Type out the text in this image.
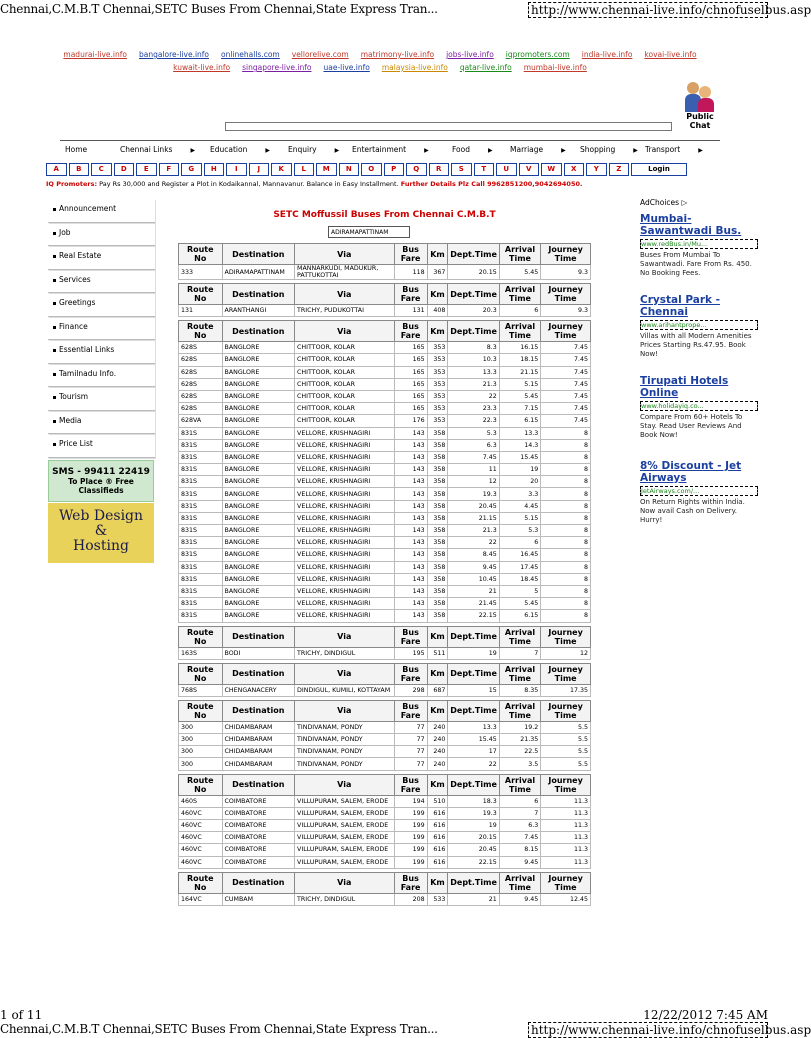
Chennai,C.M.B.T Chennai,SETC Buses From Chennai,State Express Tran...	http://www.chennai-live.info/chnofuselbus.asp
madurai-live.info bangalore-live.info onlinehalls.com vellorelive.com matrimony-live.info jobs-live.info iqpromoters.com india-live.info kovai-live.info
kuwait-live.info singapore-live.info uae-live.info malaysia-live.info qatar-live.info mumbai-live.info
Public
Chat
Home	Chennai Links	▶ Education	▶ Enquiry	▶ Entertainment	▶	Food	▶ Marriage	▶ Shopping	▶ Transport	▶
A	B	C	D	E	F	G	H	I	J	K	L	M	N	O	P	Q	R	S	T	U	V	W	X	Y	Z	Login
IQ Promoters: Pay Rs 30,000 and Register a Plot in Kodaikannal, Mannavanur. Balance in Easy Installment. Further Details Plz Call 9962851200,9042694050.
Announcement
Job
Real Estate
Services
Greetings
Finance
Essential Links
Tamilnadu Info.
Tourism
Media
Price List
SMS - 99411 22419
To Place ® Free
Classifieds
Web Design
&
Hosting
SETC Moffussil Buses From Chennai C.M.B.T
ADIRAMAPATTINAM
Route No	Destination	Via	Bus Fare	Km	Dept.Time	Arrival Time	Journey Time
333	ADIRAMAPATTINAM	MANNARKUDI, MADUKUR, PATTUKOTTAI	118	367	20.15	5.45	9.3
Route No	Destination	Via	Bus Fare	Km	Dept.Time	Arrival Time	Journey Time
131	ARANTHANGI	TRICHY, PUDUKOTTAI	131	408	20.3	6	9.3
Route No	Destination	Via	Bus Fare	Km	Dept.Time	Arrival Time	Journey Time
628S	BANGLORE	CHITTOOR, KOLAR	165	353	8.3	16.15	7.45
628S	BANGLORE	CHITTOOR, KOLAR	165	353	10.3	18.15	7.45
628S	BANGLORE	CHITTOOR, KOLAR	165	353	13.3	21.15	7.45
628S	BANGLORE	CHITTOOR, KOLAR	165	353	21.3	5.15	7.45
628S	BANGLORE	CHITTOOR, KOLAR	165	353	22	5.45	7.45
628S	BANGLORE	CHITTOOR, KOLAR	165	353	23.3	7.15	7.45
628VA	BANGLORE	CHITTOOR, KOLAR	176	353	22.3	6.15	7.45
831S	BANGLORE	VELLORE, KRISHNAGIRI	143	358	5.3	13.3	8
831S	BANGLORE	VELLORE, KRISHNAGIRI	143	358	6.3	14.3	8
831S	BANGLORE	VELLORE, KRISHNAGIRI	143	358	7.45	15.45	8
831S	BANGLORE	VELLORE, KRISHNAGIRI	143	358	11	19	8
831S	BANGLORE	VELLORE, KRISHNAGIRI	143	358	12	20	8
831S	BANGLORE	VELLORE, KRISHNAGIRI	143	358	19.3	3.3	8
831S	BANGLORE	VELLORE, KRISHNAGIRI	143	358	20.45	4.45	8
831S	BANGLORE	VELLORE, KRISHNAGIRI	143	358	21.15	5.15	8
831S	BANGLORE	VELLORE, KRISHNAGIRI	143	358	21.3	5.3	8
831S	BANGLORE	VELLORE, KRISHNAGIRI	143	358	22	6	8
831S	BANGLORE	VELLORE, KRISHNAGIRI	143	358	8.45	16.45	8
831S	BANGLORE	VELLORE, KRISHNAGIRI	143	358	9.45	17.45	8
831S	BANGLORE	VELLORE, KRISHNAGIRI	143	358	10.45	18.45	8
831S	BANGLORE	VELLORE, KRISHNAGIRI	143	358	21	5	8
831S	BANGLORE	VELLORE, KRISHNAGIRI	143	358	21.45	5.45	8
831S	BANGLORE	VELLORE, KRISHNAGIRI	143	358	22.15	6.15	8
Route No	Destination	Via	Bus Fare	Km	Dept.Time	Arrival Time	Journey Time
163S	BODI	TRICHY, DINDIGUL	195	511	19	7	12
Route No	Destination	Via	Bus Fare	Km	Dept.Time	Arrival Time	Journey Time
768S	CHENGANACERY	DINDIGUL, KUMILI, KOTTAYAM	298	687	15	8.35	17.35
Route No	Destination	Via	Bus Fare	Km	Dept.Time	Arrival Time	Journey Time
300	CHIDAMBARAM	TINDIVANAM, PONDY	77	240	13.3	19.2	5.5
300	CHIDAMBARAM	TINDIVANAM, PONDY	77	240	15.45	21.35	5.5
300	CHIDAMBARAM	TINDIVANAM, PONDY	77	240	17	22.5	5.5
300	CHIDAMBARAM	TINDIVANAM, PONDY	77	240	22	3.5	5.5
Route No	Destination	Via	Bus Fare	Km	Dept.Time	Arrival Time	Journey Time
460S	COIMBATORE	VILLUPURAM, SALEM, ERODE	194	510	18.3	6	11.3
460VC	COIMBATORE	VILLUPURAM, SALEM, ERODE	199	616	19.3	7	11.3
460VC	COIMBATORE	VILLUPURAM, SALEM, ERODE	199	616	19	6.3	11.3
460VC	COIMBATORE	VILLUPURAM, SALEM, ERODE	199	616	20.15	7.45	11.3
460VC	COIMBATORE	VILLUPURAM, SALEM, ERODE	199	616	20.45	8.15	11.3
460VC	COIMBATORE	VILLUPURAM, SALEM, ERODE	199	616	22.15	9.45	11.3
Route No	Destination	Via	Bus Fare	Km	Dept.Time	Arrival Time	Journey Time
164VC	CUMBAM	TRICHY, DINDIGUL	208	533	21	9.45	12.45
AdChoices ▷
Mumbai-Sawantwadi Bus.
www.redBus.in/Mu...
Buses From Mumbai To Sawantwadi. Fare From Rs. 450. No Booking Fees.
Crystal Park - Chennai
www.arihantprope...
Villas with all Modern Amenities Prices Starting Rs.47.95. Book Now!
Tirupati Hotels Online
www.holidayiq.co...
Compare From 60+ Hotels To Stay. Read User Reviews And Book Now!
8% Discount - Jet Airways
JetAirways.com/...
On Return Rights within India. Now avail Cash on Delivery. Hurry!
1 of 11	12/22/2012 7:45 AM
Chennai,C.M.B.T Chennai,SETC Buses From Chennai,State Express Tran...	http://www.chennai-live.info/chnofuselbus.asp
